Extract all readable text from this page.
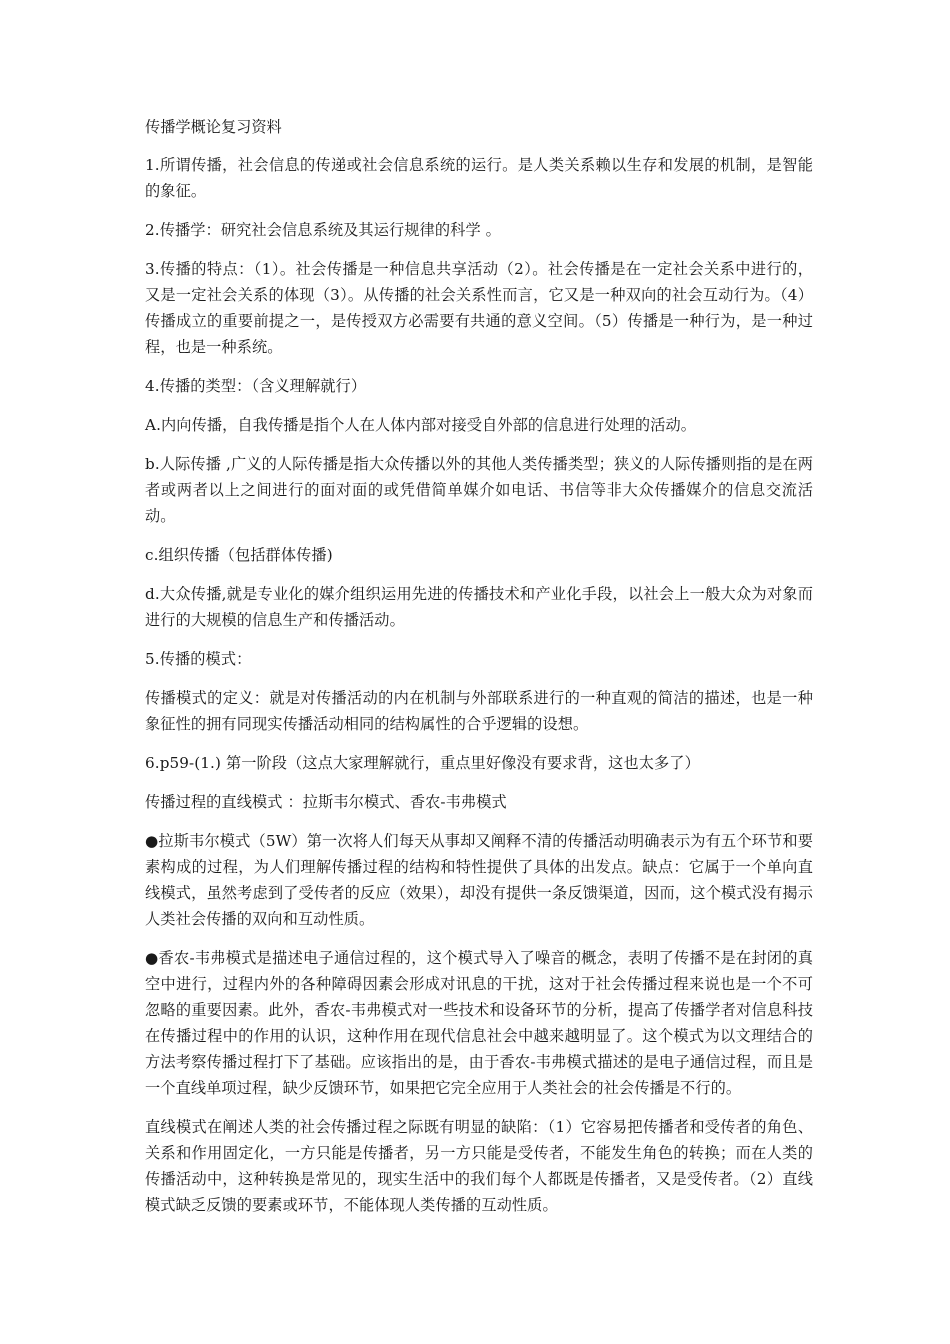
传播学概论复习资料

1.所谓传播，社会信息的传递或社会信息系统的运行。是人类关系赖以生存和发展的机制，是智能的象征。

2.传播学：研究社会信息系统及其运行规律的科学 。

3.传播的特点：（1）。社会传播是一种信息共享活动（2）。社会传播是在一定社会关系中进行的，又是一定社会关系的体现（3）。从传播的社会关系性而言，它又是一种双向的社会互动行为。（4）传播成立的重要前提之一，是传授双方必需要有共通的意义空间。（5）传播是一种行为，是一种过程，也是一种系统。

4.传播的类型：（含义理解就行）

A.内向传播，自我传播是指个人在人体内部对接受自外部的信息进行处理的活动。

b.人际传播 ,广义的人际传播是指大众传播以外的其他人类传播类型；狭义的人际传播则指的是在两者或两者以上之间进行的面对面的或凭借简单媒介如电话、书信等非大众传播媒介的信息交流活动。

c.组织传播（包括群体传播)

d.大众传播,就是专业化的媒介组织运用先进的传播技术和产业化手段，以社会上一般大众为对象而进行的大规模的信息生产和传播活动。

5.传播的模式：

传播模式的定义：就是对传播活动的内在机制与外部联系进行的一种直观的简洁的描述，也是一种象征性的拥有同现实传播活动相同的结构属性的合乎逻辑的设想。

6.p59-(1.) 第一阶段（这点大家理解就行，重点里好像没有要求背，这也太多了）

传播过程的直线模式 ：拉斯韦尔模式、香农-韦弗模式

●拉斯韦尔模式（5W）第一次将人们每天从事却又阐释不清的传播活动明确表示为有五个环节和要素构成的过程，为人们理解传播过程的结构和特性提供了具体的出发点。缺点：它属于一个单向直线模式，虽然考虑到了受传者的反应（效果），却没有提供一条反馈渠道，因而，这个模式没有揭示人类社会传播的双向和互动性质。

●香农-韦弗模式是描述电子通信过程的，这个模式导入了噪音的概念，表明了传播不是在封闭的真空中进行，过程内外的各种障碍因素会形成对讯息的干扰，这对于社会传播过程来说也是一个不可忽略的重要因素。此外，香农-韦弗模式对一些技术和设备环节的分析，提高了传播学者对信息科技在传播过程中的作用的认识，这种作用在现代信息社会中越来越明显了。这个模式为以文理结合的方法考察传播过程打下了基础。应该指出的是，由于香农-韦弗模式描述的是电子通信过程，而且是一个直线单项过程，缺少反馈环节，如果把它完全应用于人类社会的社会传播是不行的。

直线模式在阐述人类的社会传播过程之际既有明显的缺陷：（1）它容易把传播者和受传者的角色、关系和作用固定化，一方只能是传播者，另一方只能是受传者，不能发生角色的转换；而在人类的传播活动中，这种转换是常见的，现实生活中的我们每个人都既是传播者，又是受传者。（2）直线模式缺乏反馈的要素或环节，不能体现人类传播的互动性质。
